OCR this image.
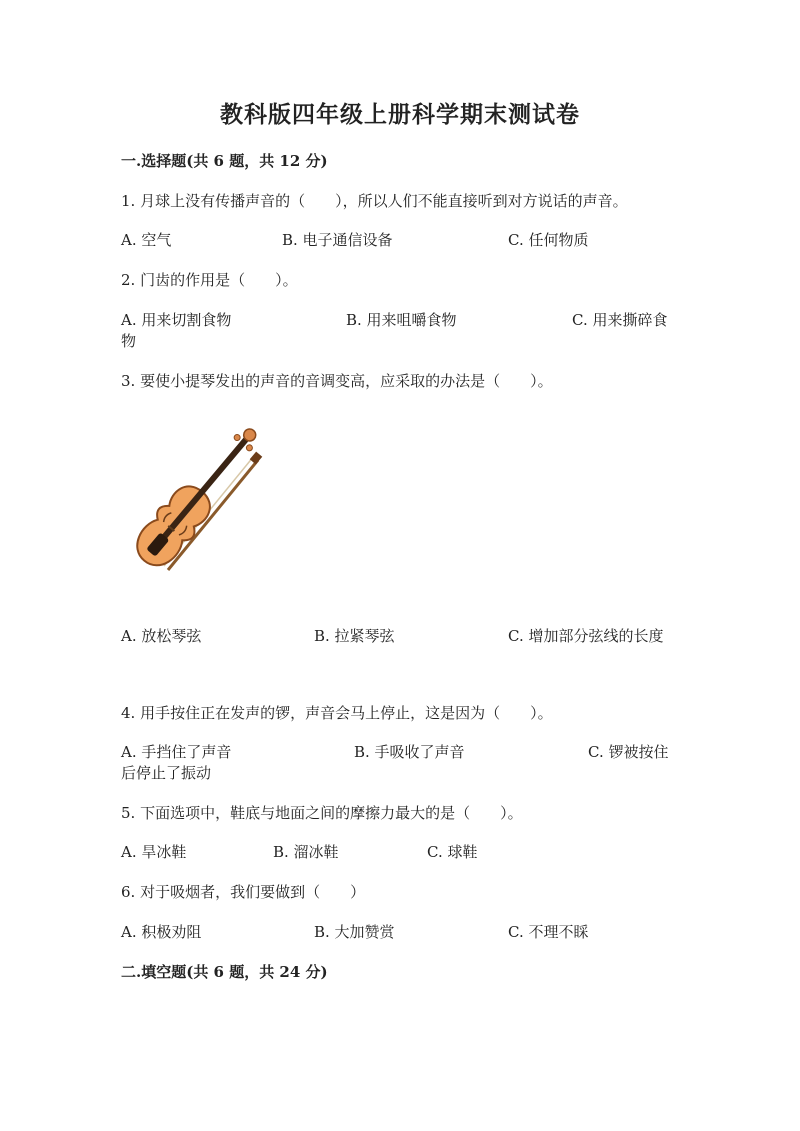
教科版四年级上册科学期末测试卷
一.选择题(共 6 题，共 12 分)
1. 月球上没有传播声音的（　　），所以人们不能直接听到对方说话的声音。
A. 空气	B. 电子通信设备	C. 任何物质
2. 门齿的作用是（　　）。
A. 用来切割食物	B. 用来咀嚼食物	C. 用来撕碎食
物
3. 要使小提琴发出的声音的音调变高，应采取的办法是（　　）。
A. 放松琴弦	B. 拉紧琴弦	C. 增加部分弦线的长度
4. 用手按住正在发声的锣，声音会马上停止，这是因为（　　）。
A. 手挡住了声音	B. 手吸收了声音	C. 锣被按住
后停止了振动
5. 下面选项中，鞋底与地面之间的摩擦力最大的是（　　）。
A. 旱冰鞋	B. 溜冰鞋	C. 球鞋
6. 对于吸烟者，我们要做到（　　）
A. 积极劝阻	B. 大加赞赏	C. 不理不睬
二.填空题(共 6 题，共 24 分)
